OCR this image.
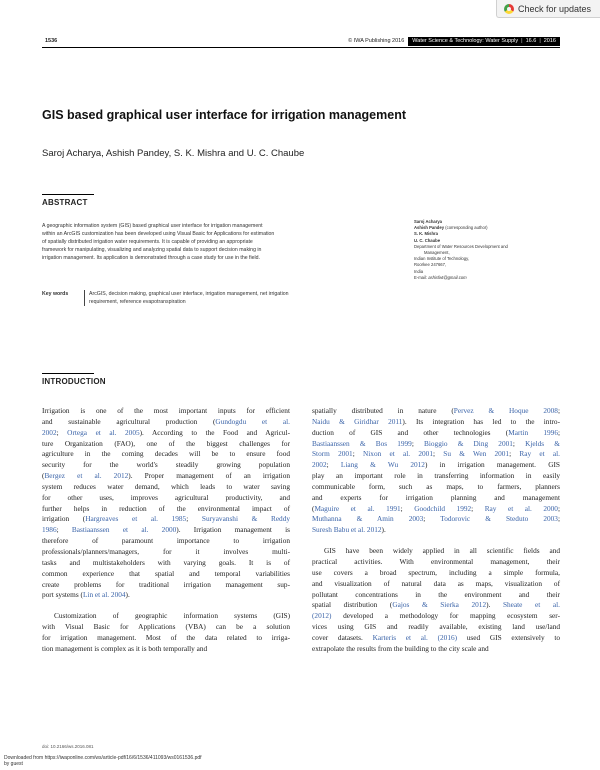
Check for updates
1536	© IWA Publishing 2016 Water Science & Technology: Water Supply | 16.6 | 2016
GIS based graphical user interface for irrigation management
Saroj Acharya, Ashish Pandey, S. K. Mishra and U. C. Chaube
ABSTRACT
A geographic information system (GIS) based graphical user interface for irrigation management
within an ArcGIS customization has been developed using Visual Basic for Applications for estimation
of spatially distributed irrigation water requirements. It is capable of providing an appropriate
framework for manipulating, visualizing and analyzing spatial data to support decision making in
irrigation management. Its application is demonstrated through a case study for use in the field.
Key words	ArcGIS, decision making, graphical user interface, irrigation management, net irrigation
requirement, reference evapotranspiration
Saroj Acharya
Ashish Pandey (corresponding author)
S. K. Mishra
U. C. Chaube
Department of Water Resources Development and
Management,
Indian Institute of Technology,
Roorkee 247667,
India
E-mail: ashisfwt@gmail.com
INTRODUCTION
Irrigation is one of the most important inputs for efficient
and sustainable agricultural production (Gundogdu et al.
2002; Ortega et al. 2005). According to the Food and Agricul-
ture Organization (FAO), one of the biggest challenges for
agriculture in the coming decades will be to ensure food
security for the world's steadily growing population
(Bergez et al. 2012). Proper management of an irrigation
system reduces water demand, which leads to water saving
for other uses, improves agricultural productivity, and
further helps in reduction of the environmental impact of
irrigation (Hargreaves et al. 1985; Suryavanshi & Reddy
1986; Bastiaanssen et al. 2000). Irrigation management is
therefore of paramount importance to irrigation
professionals/planners/managers, for it involves multi-
tasks and multistakeholders with varying goals. It is of
common experience that spatial and temporal variabilities
create problems for traditional irrigation management sup-
port systems (Lin et al. 2004).
Customization of geographic information systems (GIS)
with Visual Basic for Applications (VBA) can be a solution
for irrigation management. Most of the data related to irriga-
tion management is complex as it is both temporally and
spatially distributed in nature (Pervez & Hoque 2008;
Naidu & Giridhar 2011). Its integration has led to the intro-
duction of GIS and other technologies (Martin 1996;
Bastiaanssen & Bos 1999; Bioggio & Ding 2001; Kjelds &
Storm 2001; Nixon et al. 2001; Su & Wen 2001; Ray et al.
2002; Liang & Wu 2012) in irrigation management. GIS
play an important role in transferring information in easily
communicable form, such as maps, to farmers, planners
and experts for irrigation planning and management
(Maguire et al. 1991; Goodchild 1992; Ray et al. 2000;
Muthanna & Amin 2003; Todorovic & Steduto 2003;
Suresh Babu et al. 2012).
GIS have been widely applied in all scientific fields and
practical activities. With environmental management, their
use covers a broad spectrum, including a simple formula,
and visualization of natural data as maps, visualization of
pollutant concentrations in the environment and their
spatial distribution (Gajos & Sierka 2012). Sheate et al.
(2012) developed a methodology for mapping ecosystem ser-
vices using GIS and readily available, existing land use/land
cover datasets. Karteris et al. (2016) used GIS extensively to
extrapolate the results from the building to the city scale and
doi: 10.2166/ws.2016.081
Downloaded from https://iwaponline.com/ws/article-pdf/16/6/1536/411093/ws0161536.pdf
by guest
